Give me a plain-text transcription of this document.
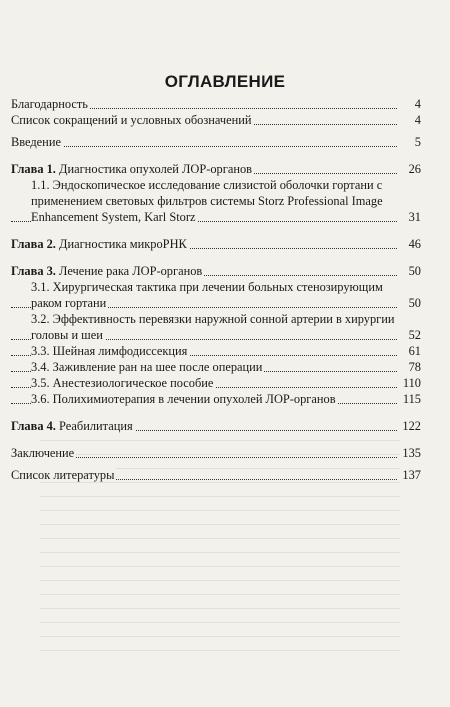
ОГЛАВЛЕНИЕ
Благодарность	4
Список сокращений и условных обозначений	4
Введение	5
Глава 1. Диагностика опухолей ЛОР-органов	26
1.1. Эндоскопическое исследование слизистой оболочки гортани с применением световых фильтров системы Storz Professional Image Enhancement System, Karl Storz	31
Глава 2. Диагностика микроРНК	46
Глава 3. Лечение рака ЛОР-органов	50
3.1. Хирургическая тактика при лечении больных стенозирующим раком гортани	50
3.2. Эффективность перевязки наружной сонной артерии в хирургии головы и шеи	52
3.3. Шейная лимфодиссекция	61
3.4. Заживление ран на шее после операции	78
3.5. Анестезиологическое пособие	110
3.6. Полихимиотерапия в лечении опухолей ЛОР-органов	115
Глава 4. Реабилитация	122
Заключение	135
Список литературы	137
